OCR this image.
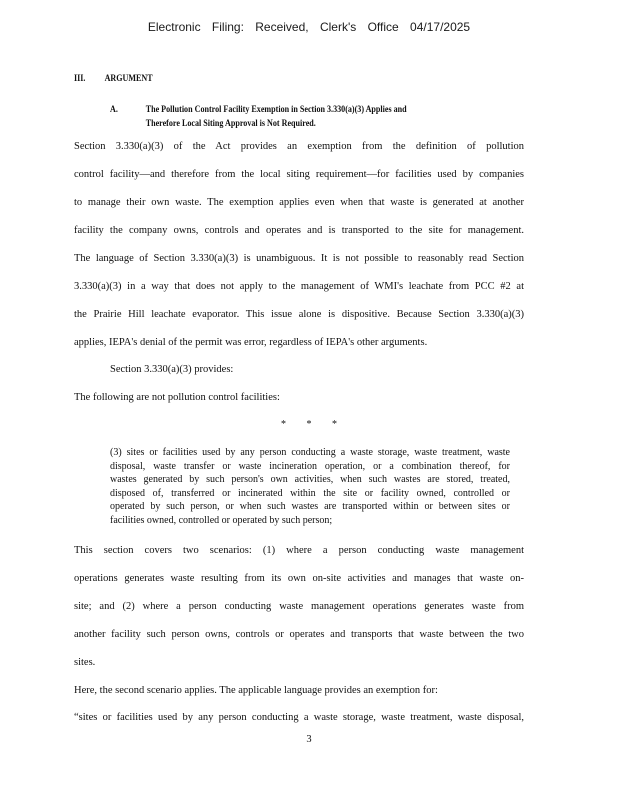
Electronic Filing: Received, Clerk's Office 04/17/2025
III. ARGUMENT
A.	The Pollution Control Facility Exemption in Section 3.330(a)(3) Applies and
Therefore Local Siting Approval is Not Required.
Section 3.330(a)(3) of the Act provides an exemption from the definition of pollution
control facility—and therefore from the local siting requirement—for facilities used by companies
to manage their own waste. The exemption applies even when that waste is generated at another
facility the company owns, controls and operates and is transported to the site for management.
The language of Section 3.330(a)(3) is unambiguous. It is not possible to reasonably read Section
3.330(a)(3) in a way that does not apply to the management of WMI's leachate from PCC #2 at
the Prairie Hill leachate evaporator. This issue alone is dispositive. Because Section 3.330(a)(3)
applies, IEPA's denial of the permit was error, regardless of IEPA's other arguments.
Section 3.330(a)(3) provides:
The following are not pollution control facilities:
* * *
(3) sites or facilities used by any person conducting a waste storage, waste treatment, waste
disposal, waste transfer or waste incineration operation, or a combination thereof, for
wastes generated by such person's own activities, when such wastes are stored, treated,
disposed of, transferred or incinerated within the site or facility owned, controlled or
operated by such person, or when such wastes are transported within or between sites or
facilities owned, controlled or operated by such person;
This section covers two scenarios: (1) where a person conducting waste management
operations generates waste resulting from its own on-site activities and manages that waste on-
site; and (2) where a person conducting waste management operations generates waste from
another facility such person owns, controls or operates and transports that waste between the two
sites.
Here, the second scenario applies. The applicable language provides an exemption for:
“sites or facilities used by any person conducting a waste storage, waste treatment, waste disposal,
3
